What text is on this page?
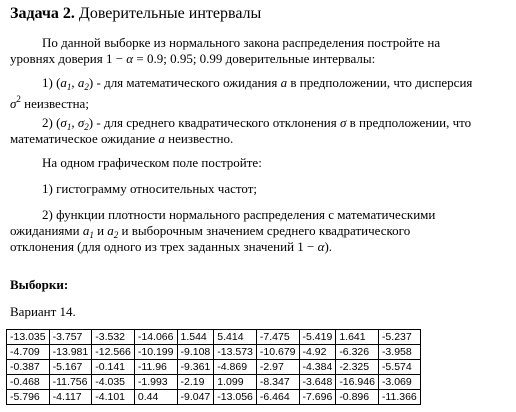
Задача 2. Доверительные интервалы
По данной выборке из нормального закона распределения постройте на
уровнях доверия 1 − α = 0.9; 0.95; 0.99 доверительные интервалы:
1) ($a_1$, $a_2$) - для математического ожидания a в предположении, что дисперсия
$\sigma^2$ неизвестна;
2) ($\sigma_1$, $\sigma_2$) - для среднего квадратического отклонения σ в предположении, что
математическое ожидание a неизвестно.
На одном графическом поле постройте:
1) гистограмму относительных частот;
2) функции плотности нормального распределения с математическими
ожиданиями $a_1$ и $a_2$ и выборочным значением среднего квадратического
отклонения (для одного из трех заданных значений 1 − α).
Выборки:
Вариант 14.
-13.035	-3.757	-3.532	-14.066	1.544	5.414	-7.475	-5.419	1.641	-5.237
-4.709	-13.981	-12.566	-10.199	-9.108	-13.573	-10.679	-4.92	-6.326	-3.958
-0.387	-5.167	-0.141	-11.96	-9.361	-4.869	-2.97	-4.384	-2.325	-5.574
-0.468	-11.756	-4.035	-1.993	-2.19	1.099	-8.347	-3.648	-16.946	-3.069
-5.796	-4.117	-4.101	0.44	-9.047	-13.056	-6.464	-7.696	-0.896	-11.366
